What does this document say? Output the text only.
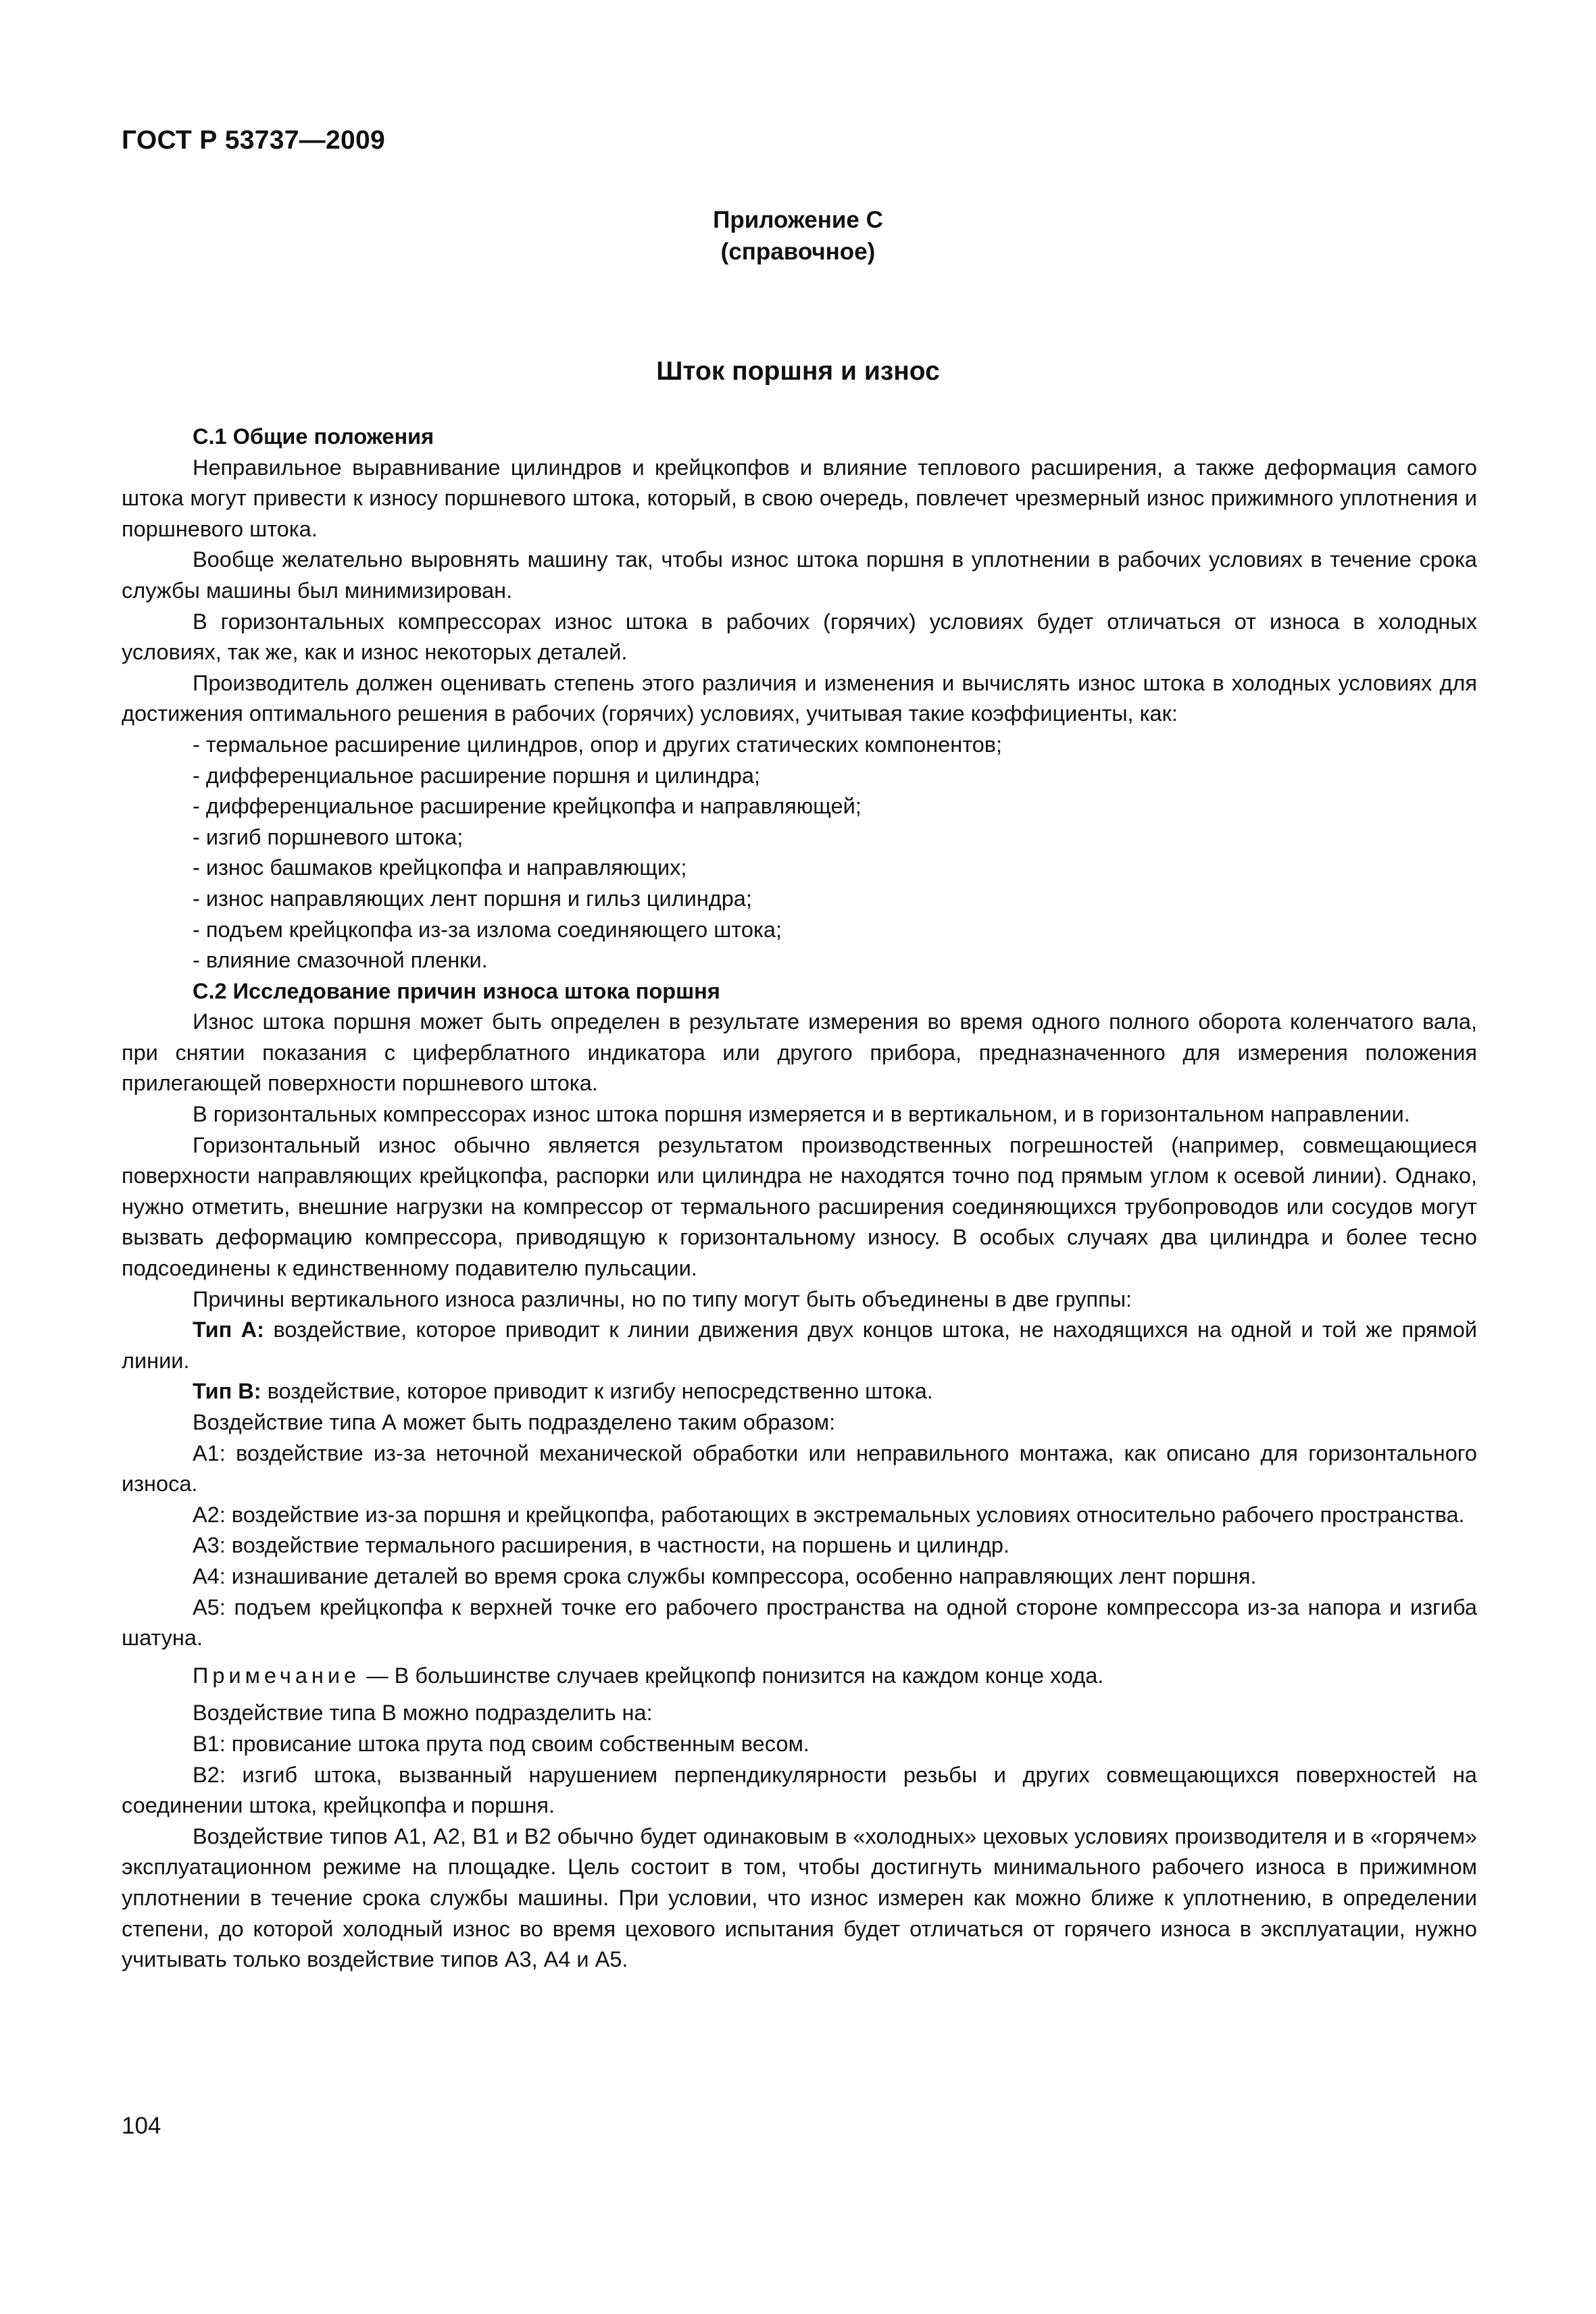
ГОСТ Р 53737—2009
Приложение C
(справочное)
Шток поршня и износ

С.1 Общие положения

Неправильное выравнивание цилиндров и крейцкопфов и влияние теплового расширения, а также деформация самого штока могут привести к износу поршневого штока, который, в свою очередь, повлечет чрезмерный износ прижимного уплотнения и поршневого штока.

Вообще желательно выровнять машину так, чтобы износ штока поршня в уплотнении в рабочих условиях в течение срока службы машины был минимизирован.

В горизонтальных компрессорах износ штока в рабочих (горячих) условиях будет отличаться от износа в холодных условиях, так же, как и износ некоторых деталей.

Производитель должен оценивать степень этого различия и изменения и вычислять износ штока в холодных условиях для достижения оптимального решения в рабочих (горячих) условиях, учитывая такие коэффициенты, как:

- термальное расширение цилиндров, опор и других статических компонентов;

- дифференциальное расширение поршня и цилиндра;

- дифференциальное расширение крейцкопфа и направляющей;

- изгиб поршневого штока;

- износ башмаков крейцкопфа и направляющих;

- износ направляющих лент поршня и гильз цилиндра;

- подъем крейцкопфа из-за излома соединяющего штока;

- влияние смазочной пленки.

С.2 Исследование причин износа штока поршня

Износ штока поршня может быть определен в результате измерения во время одного полного оборота коленчатого вала, при снятии показания с циферблатного индикатора или другого прибора, предназначенного для измерения положения прилегающей поверхности поршневого штока.

В горизонтальных компрессорах износ штока поршня измеряется и в вертикальном, и в горизонтальном направлении.

Горизонтальный износ обычно является результатом производственных погрешностей (например, совмещающиеся поверхности направляющих крейцкопфа, распорки или цилиндра не находятся точно под прямым углом к осевой линии). Однако, нужно отметить, внешние нагрузки на компрессор от термального расширения соединяющихся трубопроводов или сосудов могут вызвать деформацию компрессора, приводящую к горизонтальному износу. В особых случаях два цилиндра и более тесно подсоединены к единственному подавителю пульсации.

Причины вертикального износа различны, но по типу могут быть объединены в две группы:

Тип А: воздействие, которое приводит к линии движения двух концов штока, не находящихся на одной и той же прямой линии.

Тип В: воздействие, которое приводит к изгибу непосредственно штока.

Воздействие типа А может быть подразделено таким образом:

А1: воздействие из-за неточной механической обработки или неправильного монтажа, как описано для горизонтального износа.

А2: воздействие из-за поршня и крейцкопфа, работающих в экстремальных условиях относительно рабочего пространства.

А3: воздействие термального расширения, в частности, на поршень и цилиндр.

А4: изнашивание деталей во время срока службы компрессора, особенно направляющих лент поршня.

А5: подъем крейцкопфа к верхней точке его рабочего пространства на одной стороне компрессора из-за напора и изгиба шатуна.

Примечание — В большинстве случаев крейцкопф понизится на каждом конце хода.

Воздействие типа В можно подразделить на:

В1: провисание штока прута под своим собственным весом.

В2: изгиб штока, вызванный нарушением перпендикулярности резьбы и других совмещающихся поверхностей на соединении штока, крейцкопфа и поршня.

Воздействие типов А1, А2, В1 и В2 обычно будет одинаковым в «холодных» цеховых условиях производителя и в «горячем» эксплуатационном режиме на площадке. Цель состоит в том, чтобы достигнуть минимального рабочего износа в прижимном уплотнении в течение срока службы машины. При условии, что износ измерен как можно ближе к уплотнению, в определении степени, до которой холодный износ во время цехового испытания будет отличаться от горячего износа в эксплуатации, нужно учитывать только воздействие типов А3, А4 и А5.

104
